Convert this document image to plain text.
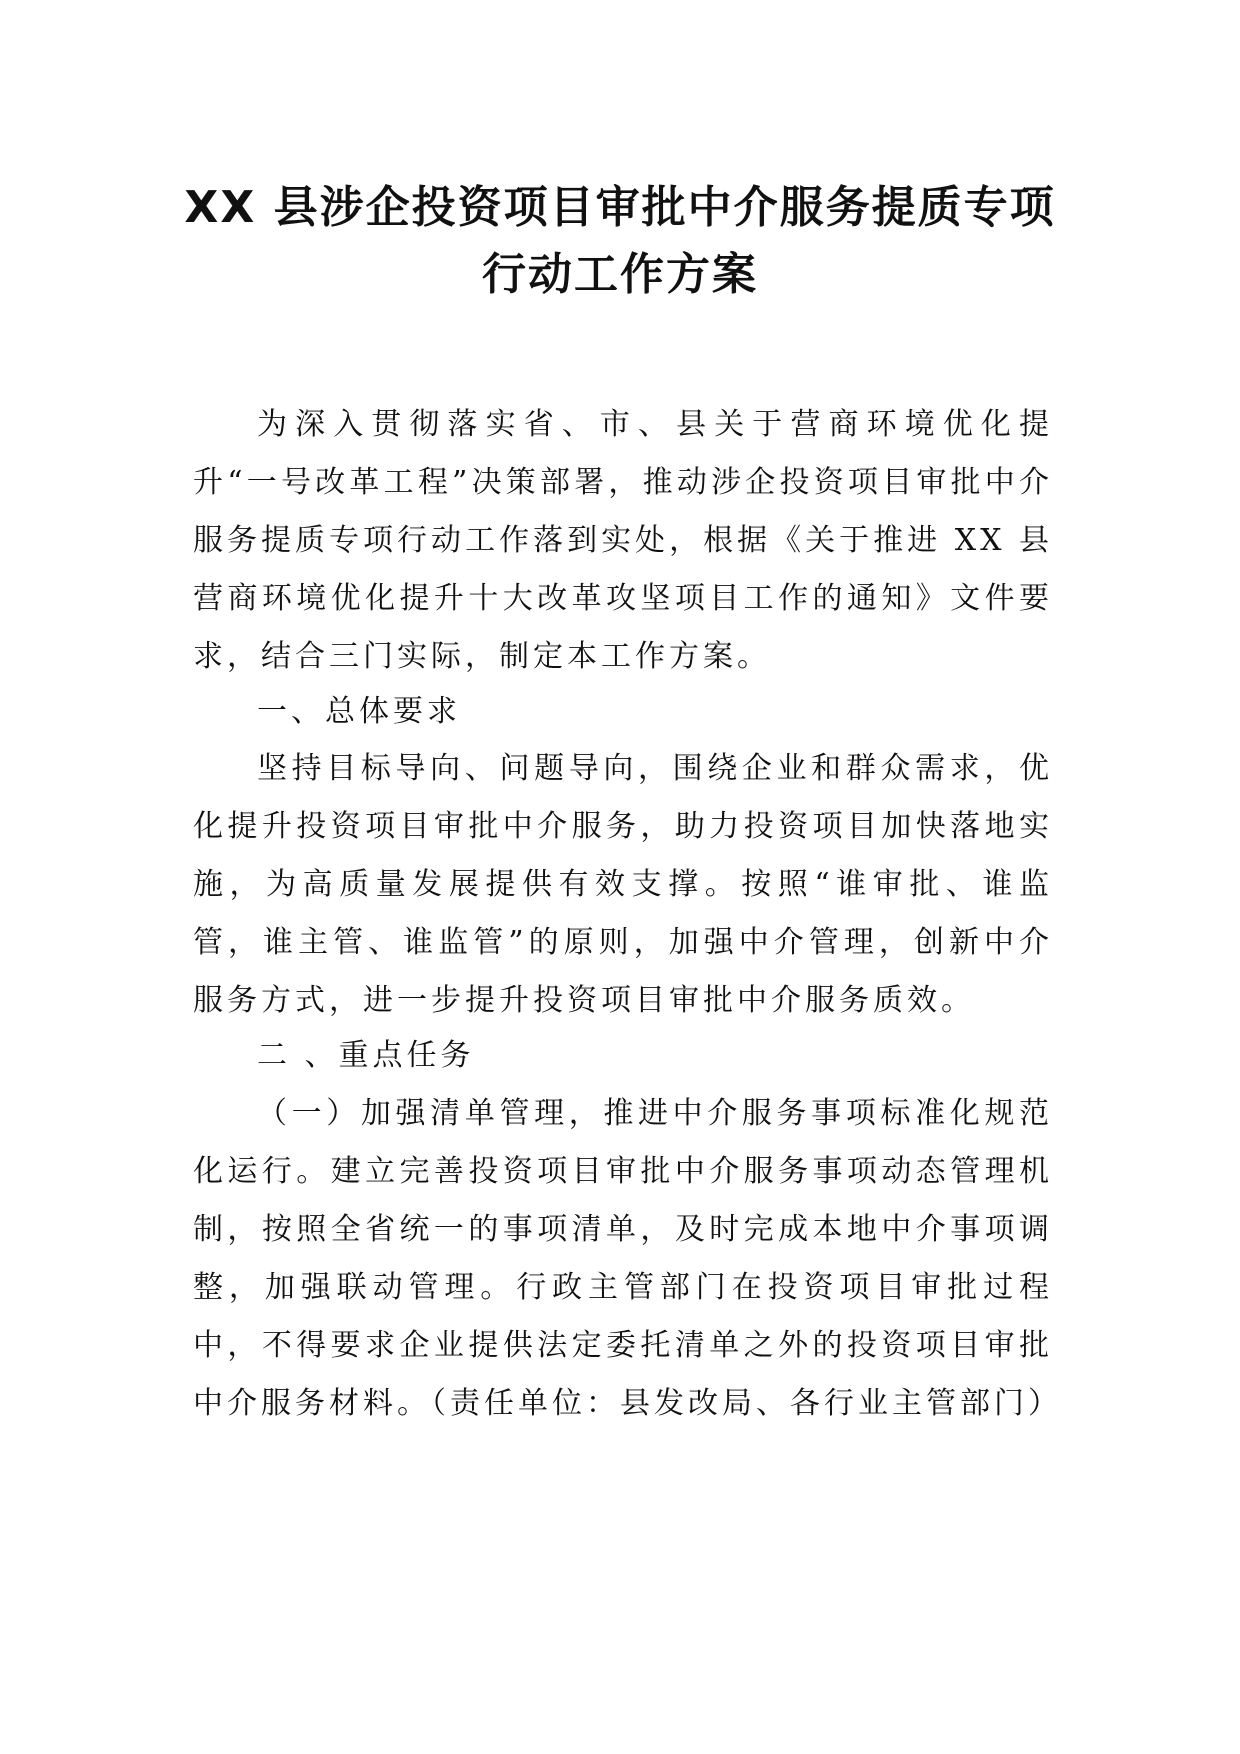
XX 县涉企投资项目审批中介服务提质专项
行动工作方案

为深入贯彻落实省、市、县关于营商环境优化提升“一号改革工程”决策部署，推动涉企投资项目审批中介服务提质专项行动工作落到实处，根据《关于推进 XX 县营商环境优化提升十大改革攻坚项目工作的通知》文件要求，结合三门实际，制定本工作方案。

一、总体要求

坚持目标导向、问题导向，围绕企业和群众需求，优化提升投资项目审批中介服务，助力投资项目加快落地实施，为高质量发展提供有效支撑。按照“谁审批、谁监管，谁主管、谁监管”的原则，加强中介管理，创新中介服务方式，进一步提升投资项目审批中介服务质效。

二 、重点任务

（一）加强清单管理，推进中介服务事项标准化规范化运行。建立完善投资项目审批中介服务事项动态管理机制，按照全省统一的事项清单，及时完成本地中介事项调整，加强联动管理。行政主管部门在投资项目审批过程中，不得要求企业提供法定委托清单之外的投资项目审批中介服务材料。（责任单位：县发改局、各行业主管部门）
